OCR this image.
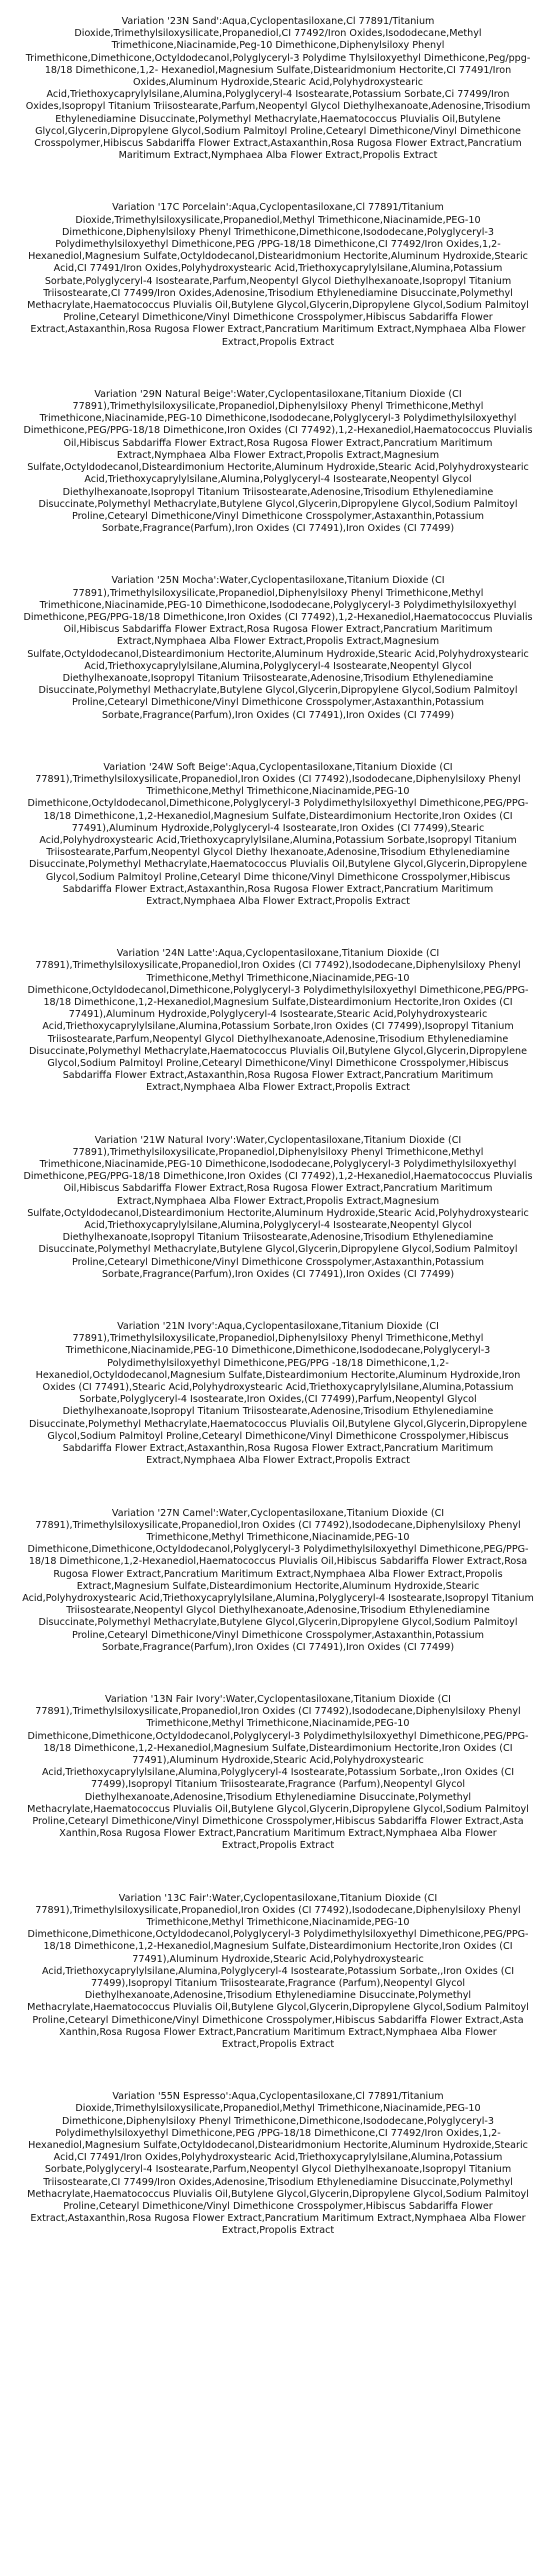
Variation '23N Sand':Aqua,Cyclopentasiloxane,Cl 77891/Titanium Dioxide,Trimethylsiloxysilicate,Propanediol,CI 77492/Iron Oxides,Isododecane,Methyl Trimethicone,Niacinamide,Peg-10 Dimethicone,Diphenylsiloxy Phenyl Trimethicone,Dimethicone,Octyldodecanol,Polyglyceryl-3 Polydime Thylsiloxyethyl Dimethicone,Peg/ppg-18/18 Dimethicone,1,2- Hexanediol,Magnesium Sulfate,Distearidmonium Hectorite,CI 77491/Iron Oxides,Aluminum Hydroxide,Stearic Acid,Polyhydroxystearic Acid,Triethoxycaprylylsilane,Alumina,Polyglyceryl-4 Isostearate,Potassium Sorbate,Ci 77499/Iron Oxides,Isopropyl Titanium Triisostearate,Parfum,Neopentyl Glycol Diethylhexanoate,Adenosine,Trisodium Ethylenediamine Disuccinate,Polymethyl Methacrylate,Haematococcus Pluvialis Oil,Butylene Glycol,Glycerin,Dipropylene Glycol,Sodium Palmitoyl Proline,Cetearyl Dimethicone/Vinyl Dimethicone Crosspolymer,Hibiscus Sabdariffa Flower Extract,Astaxanthin,Rosa Rugosa Flower Extract,Pancratium Maritimum Extract,Nymphaea Alba Flower Extract,Propolis Extract

Variation '17C Porcelain':Aqua,Cyclopentasiloxane,Cl 77891/Titanium Dioxide,Trimethylsiloxysilicate,Propanediol,Methyl Trimethicone,Niacinamide,PEG-10 Dimethicone,Diphenylsiloxy Phenyl Trimethicone,Dimethicone,Isododecane,Polyglyceryl-3 Polydimethylsiloxyethyl Dimethicone,PEG /PPG-18/18 Dimethicone,CI 77492/Iron Oxides,1,2-Hexanediol,Magnesium Sulfate,Octyldodecanol,Distearidmonium Hectorite,Aluminum Hydroxide,Stearic Acid,CI 77491/Iron Oxides,Polyhydroxystearic Acid,Triethoxycaprylylsilane,Alumina,Potassium Sorbate,Polyglyceryl-4 Isostearate,Parfum,Neopentyl Glycol Diethylhexanoate,Isopropyl Titanium Triisostearate,CI 77499/Iron Oxides,Adenosine,Trisodium Ethylenediamine Disuccinate,Polymethyl Methacrylate,Haematococcus Pluvialis Oil,Butylene Glycol,Glycerin,Dipropylene Glycol,Sodium Palmitoyl Proline,Cetearyl Dimethicone/Vinyl Dimethicone Crosspolymer,Hibiscus Sabdariffa Flower Extract,Astaxanthin,Rosa Rugosa Flower Extract,Pancratium Maritimum Extract,Nymphaea Alba Flower Extract,Propolis Extract

Variation '29N Natural Beige':Water,Cyclopentasiloxane,Titanium Dioxide (CI 77891),Trimethylsiloxysilicate,Propanediol,Diphenylsiloxy Phenyl Trimethicone,Methyl Trimethicone,Niacinamide,PEG-10 Dimethicone,Isododecane,Polyglyceryl-3 Polydimethylsiloxyethyl Dimethicone,PEG/PPG-18/18 Dimethicone,Iron Oxides (CI 77492),1,2-Hexanediol,Haematococcus Pluvialis Oil,Hibiscus Sabdariffa Flower Extract,Rosa Rugosa Flower Extract,Pancratium Maritimum Extract,Nymphaea Alba Flower Extract,Propolis Extract,Magnesium Sulfate,Octyldodecanol,Disteardimonium Hectorite,Aluminum Hydroxide,Stearic Acid,Polyhydroxystearic Acid,Triethoxycaprylylsilane,Alumina,Polyglyceryl-4 Isostearate,Neopentyl Glycol Diethylhexanoate,Isopropyl Titanium Triisostearate,Adenosine,Trisodium Ethylenediamine Disuccinate,Polymethyl Methacrylate,Butylene Glycol,Glycerin,Dipropylene Glycol,Sodium Palmitoyl Proline,Cetearyl Dimethicone/Vinyl Dimethicone Crosspolymer,Astaxanthin,Potassium Sorbate,Fragrance(Parfum),Iron Oxides (CI 77491),Iron Oxides (CI 77499)

Variation '25N Mocha':Water,Cyclopentasiloxane,Titanium Dioxide (CI 77891),Trimethylsiloxysilicate,Propanediol,Diphenylsiloxy Phenyl Trimethicone,Methyl Trimethicone,Niacinamide,PEG-10 Dimethicone,Isododecane,Polyglyceryl-3 Polydimethylsiloxyethyl Dimethicone,PEG/PPG-18/18 Dimethicone,Iron Oxides (CI 77492),1,2-Hexanediol,Haematococcus Pluvialis Oil,Hibiscus Sabdariffa Flower Extract,Rosa Rugosa Flower Extract,Pancratium Maritimum Extract,Nymphaea Alba Flower Extract,Propolis Extract,Magnesium Sulfate,Octyldodecanol,Disteardimonium Hectorite,Aluminum Hydroxide,Stearic Acid,Polyhydroxystearic Acid,Triethoxycaprylylsilane,Alumina,Polyglyceryl-4 Isostearate,Neopentyl Glycol Diethylhexanoate,Isopropyl Titanium Triisostearate,Adenosine,Trisodium Ethylenediamine Disuccinate,Polymethyl Methacrylate,Butylene Glycol,Glycerin,Dipropylene Glycol,Sodium Palmitoyl Proline,Cetearyl Dimethicone/Vinyl Dimethicone Crosspolymer,Astaxanthin,Potassium Sorbate,Fragrance(Parfum),Iron Oxides (CI 77491),Iron Oxides (CI 77499)

Variation '24W Soft Beige':Aqua,Cyclopentasiloxane,Titanium Dioxide (CI 77891),Trimethylsiloxysilicate,Propanediol,Iron Oxides (CI 77492),Isododecane,Diphenylsiloxy Phenyl Trimethicone,Methyl Trimethicone,Niacinamide,PEG-10 Dimethicone,Octyldodecanol,Dimethicone,Polyglyceryl-3 Polydimethylsiloxyethyl Dimethicone,PEG/PPG-18/18 Dimethicone,1,2-Hexanediol,Magnesium Sulfate,Disteardimonium Hectorite,Iron Oxides (CI 77491),Aluminum Hydroxide,Polyglyceryl-4 Isostearate,Iron Oxides (CI 77499),Stearic Acid,Polyhydroxystearic Acid,Triethoxycaprylylsilane,Alumina,Potassium Sorbate,Isopropyl Titanium Triisostearate,Parfum,Neopentyl Glycol Diethy lhexanoate,Adenosine,Trisodium Ethylenediamine Disuccinate,Polymethyl Methacrylate,Haematococcus Pluvialis Oil,Butylene Glycol,Glycerin,Dipropylene Glycol,Sodium Palmitoyl Proline,Cetearyl Dime thicone/Vinyl Dimethicone Crosspolymer,Hibiscus Sabdariffa Flower Extract,Astaxanthin,Rosa Rugosa Flower Extract,Pancratium Maritimum Extract,Nymphaea Alba Flower Extract,Propolis Extract

Variation '24N Latte':Aqua,Cyclopentasiloxane,Titanium Dioxide (CI 77891),Trimethylsiloxysilicate,Propanediol,Iron Oxides (CI 77492),Isododecane,Diphenylsiloxy Phenyl Trimethicone,Methyl Trimethicone,Niacinamide,PEG-10 Dimethicone,Octyldodecanol,Dimethicone,Polyglyceryl-3 Polydimethylsiloxyethyl Dimethicone,PEG/PPG-18/18 Dimethicone,1,2-Hexanediol,Magnesium Sulfate,Disteardimonium Hectorite,Iron Oxides (CI 77491),Aluminum Hydroxide,Polyglyceryl-4 Isostearate,Stearic Acid,Polyhydroxystearic Acid,Triethoxycaprylylsilane,Alumina,Potassium Sorbate,Iron Oxides (CI 77499),Isopropyl Titanium Triisostearate,Parfum,Neopentyl Glycol Diethylhexanoate,Adenosine,Trisodium Ethylenediamine Disuccinate,Polymethyl Methacrylate,Haematococcus Pluvialis Oil,Butylene Glycol,Glycerin,Dipropylene Glycol,Sodium Palmitoyl Proline,Cetearyl Dimethicone/Vinyl Dimethicone Crosspolymer,Hibiscus Sabdariffa Flower Extract,Astaxanthin,Rosa Rugosa Flower Extract,Pancratium Maritimum Extract,Nymphaea Alba Flower Extract,Propolis Extract

Variation '21W Natural Ivory':Water,Cyclopentasiloxane,Titanium Dioxide (CI 77891),Trimethylsiloxysilicate,Propanediol,Diphenylsiloxy Phenyl Trimethicone,Methyl Trimethicone,Niacinamide,PEG-10 Dimethicone,Isododecane,Polyglyceryl-3 Polydimethylsiloxyethyl Dimethicone,PEG/PPG-18/18 Dimethicone,Iron Oxides (CI 77492),1,2-Hexanediol,Haematococcus Pluvialis Oil,Hibiscus Sabdariffa Flower Extract,Rosa Rugosa Flower Extract,Pancratium Maritimum Extract,Nymphaea Alba Flower Extract,Propolis Extract,Magnesium Sulfate,Octyldodecanol,Disteardimonium Hectorite,Aluminum Hydroxide,Stearic Acid,Polyhydroxystearic Acid,Triethoxycaprylylsilane,Alumina,Polyglyceryl-4 Isostearate,Neopentyl Glycol Diethylhexanoate,Isopropyl Titanium Triisostearate,Adenosine,Trisodium Ethylenediamine Disuccinate,Polymethyl Methacrylate,Butylene Glycol,Glycerin,Dipropylene Glycol,Sodium Palmitoyl Proline,Cetearyl Dimethicone/Vinyl Dimethicone Crosspolymer,Astaxanthin,Potassium Sorbate,Fragrance(Parfum),Iron Oxides (CI 77491),Iron Oxides (CI 77499)

Variation '21N Ivory':Aqua,Cyclopentasiloxane,Titanium Dioxide (CI 77891),Trimethylsiloxysilicate,Propanediol,Diphenylsiloxy Phenyl Trimethicone,Methyl Trimethicone,Niacinamide,PEG-10 Dimethicone,Dimethicone,Isododecane,Polyglyceryl-3 Polydimethylsiloxyethyl Dimethicone,PEG/PPG -18/18 Dimethicone,1,2-Hexanediol,Octyldodecanol,Magnesium Sulfate,Disteardimonium Hectorite,Aluminum Hydroxide,Iron Oxides (CI 77491),Stearic Acid,Polyhydroxystearic Acid,Triethoxycaprylylsilane,Alumina,Potassium Sorbate,Polyglyceryl-4 Isostearate,Iron Oxides,(CI 77499),Parfum,Neopentyl Glycol Diethylhexanoate,Isopropyl Titanium Triisostearate,Adenosine,Trisodium Ethylenediamine Disuccinate,Polymethyl Methacrylate,Haematococcus Pluvialis Oil,Butylene Glycol,Glycerin,Dipropylene Glycol,Sodium Palmitoyl Proline,Cetearyl Dimethicone/Vinyl Dimethicone Crosspolymer,Hibiscus Sabdariffa Flower Extract,Astaxanthin,Rosa Rugosa Flower Extract,Pancratium Maritimum Extract,Nymphaea Alba Flower Extract,Propolis Extract

Variation '27N Camel':Water,Cyclopentasiloxane,Titanium Dioxide (CI 77891),Trimethylsiloxysilicate,Propanediol,Iron Oxides (CI 77492),Isododecane,Diphenylsiloxy Phenyl Trimethicone,Methyl Trimethicone,Niacinamide,PEG-10 Dimethicone,Dimethicone,Octyldodecanol,Polyglyceryl-3 Polydimethylsiloxyethyl Dimethicone,PEG/PPG-18/18 Dimethicone,1,2-Hexanediol,Haematococcus Pluvialis Oil,Hibiscus Sabdariffa Flower Extract,Rosa Rugosa Flower Extract,Pancratium Maritimum Extract,Nymphaea Alba Flower Extract,Propolis Extract,Magnesium Sulfate,Disteardimonium Hectorite,Aluminum Hydroxide,Stearic Acid,Polyhydroxystearic Acid,Triethoxycaprylylsilane,Alumina,Polyglyceryl-4 Isostearate,Isopropyl Titanium Triisostearate,Neopentyl Glycol Diethylhexanoate,Adenosine,Trisodium Ethylenediamine Disuccinate,Polymethyl Methacrylate,Butylene Glycol,Glycerin,Dipropylene Glycol,Sodium Palmitoyl Proline,Cetearyl Dimethicone/Vinyl Dimethicone Crosspolymer,Astaxanthin,Potassium Sorbate,Fragrance(Parfum),Iron Oxides (CI 77491),Iron Oxides (CI 77499)

Variation '13N Fair Ivory':Water,Cyclopentasiloxane,Titanium Dioxide (CI 77891),Trimethylsiloxysilicate,Propanediol,Iron Oxides (CI 77492),Isododecane,Diphenylsiloxy Phenyl Trimethicone,Methyl Trimethicone,Niacinamide,PEG-10 Dimethicone,Dimethicone,Octyldodecanol,Polyglyceryl-3 Polydimethylsiloxyethyl Dimethicone,PEG/PPG-18/18 Dimethicone,1,2-Hexanediol,Magnesium Sulfate,Disteardimonium Hectorite,Iron Oxides (CI 77491),Aluminum Hydroxide,Stearic Acid,Polyhydroxystearic Acid,Triethoxycaprylylsilane,Alumina,Polyglyceryl-4 Isostearate,Potassium Sorbate,,Iron Oxides (CI 77499),Isopropyl Titanium Triisostearate,Fragrance (Parfum),Neopentyl Glycol Diethylhexanoate,Adenosine,Trisodium Ethylenediamine Disuccinate,Polymethyl Methacrylate,Haematococcus Pluvialis Oil,Butylene Glycol,Glycerin,Dipropylene Glycol,Sodium Palmitoyl Proline,Cetearyl Dimethicone/Vinyl Dimethicone Crosspolymer,Hibiscus Sabdariffa Flower Extract,Asta Xanthin,Rosa Rugosa Flower Extract,Pancratium Maritimum Extract,Nymphaea Alba Flower Extract,Propolis Extract

Variation '13C Fair':Water,Cyclopentasiloxane,Titanium Dioxide (CI 77891),Trimethylsiloxysilicate,Propanediol,Iron Oxides (CI 77492),Isododecane,Diphenylsiloxy Phenyl Trimethicone,Methyl Trimethicone,Niacinamide,PEG-10 Dimethicone,Dimethicone,Octyldodecanol,Polyglyceryl-3 Polydimethylsiloxyethyl Dimethicone,PEG/PPG-18/18 Dimethicone,1,2-Hexanediol,Magnesium Sulfate,Disteardimonium Hectorite,Iron Oxides (CI 77491),Aluminum Hydroxide,Stearic Acid,Polyhydroxystearic Acid,Triethoxycaprylylsilane,Alumina,Polyglyceryl-4 Isostearate,Potassium Sorbate,,Iron Oxides (CI 77499),Isopropyl Titanium Triisostearate,Fragrance (Parfum),Neopentyl Glycol Diethylhexanoate,Adenosine,Trisodium Ethylenediamine Disuccinate,Polymethyl Methacrylate,Haematococcus Pluvialis Oil,Butylene Glycol,Glycerin,Dipropylene Glycol,Sodium Palmitoyl Proline,Cetearyl Dimethicone/Vinyl Dimethicone Crosspolymer,Hibiscus Sabdariffa Flower Extract,Asta Xanthin,Rosa Rugosa Flower Extract,Pancratium Maritimum Extract,Nymphaea Alba Flower Extract,Propolis Extract

Variation '55N Espresso':Aqua,Cyclopentasiloxane,Cl 77891/Titanium Dioxide,Trimethylsiloxysilicate,Propanediol,Methyl Trimethicone,Niacinamide,PEG-10 Dimethicone,Diphenylsiloxy Phenyl Trimethicone,Dimethicone,Isododecane,Polyglyceryl-3 Polydimethylsiloxyethyl Dimethicone,PEG /PPG-18/18 Dimethicone,CI 77492/Iron Oxides,1,2-Hexanediol,Magnesium Sulfate,Octyldodecanol,Distearidmonium Hectorite,Aluminum Hydroxide,Stearic Acid,CI 77491/Iron Oxides,Polyhydroxystearic Acid,Triethoxycaprylylsilane,Alumina,Potassium Sorbate,Polyglyceryl-4 Isostearate,Parfum,Neopentyl Glycol Diethylhexanoate,Isopropyl Titanium Triisostearate,CI 77499/Iron Oxides,Adenosine,Trisodium Ethylenediamine Disuccinate,Polymethyl Methacrylate,Haematococcus Pluvialis Oil,Butylene Glycol,Glycerin,Dipropylene Glycol,Sodium Palmitoyl Proline,Cetearyl Dimethicone/Vinyl Dimethicone Crosspolymer,Hibiscus Sabdariffa Flower Extract,Astaxanthin,Rosa Rugosa Flower Extract,Pancratium Maritimum Extract,Nymphaea Alba Flower Extract,Propolis Extract
